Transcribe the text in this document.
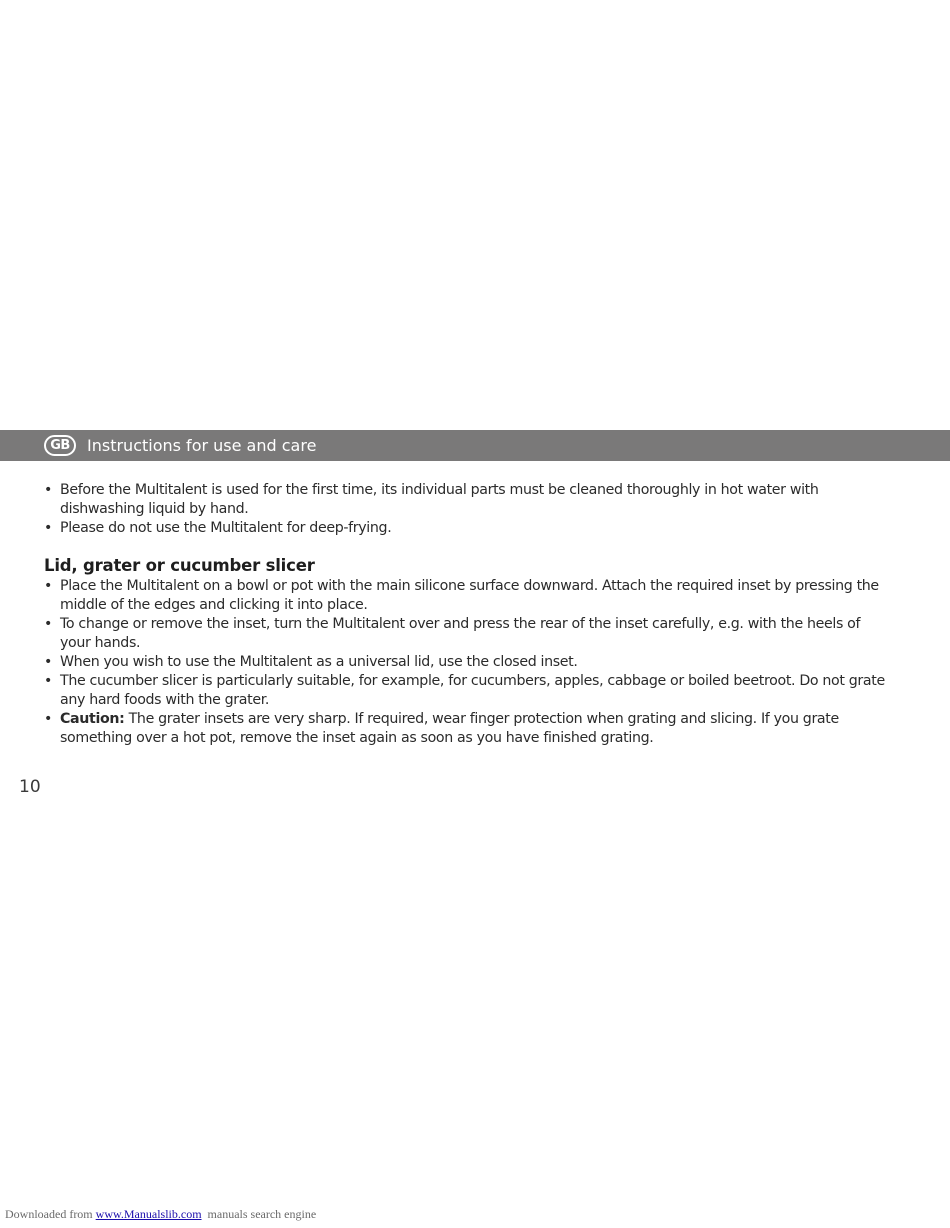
GB	Instructions for use and care
• Before the Multitalent is used for the first time, its individual parts must be cleaned thoroughly in hot water with dishwashing liquid by hand.
• Please do not use the Multitalent for deep-frying.
Lid, grater or cucumber slicer
• Place the Multitalent on a bowl or pot with the main silicone surface downward. Attach the required inset by pressing the middle of the edges and clicking it into place.
• To change or remove the inset, turn the Multitalent over and press the rear of the inset carefully, e.g. with the heels of your hands.
• When you wish to use the Multitalent as a universal lid, use the closed inset.
• The cucumber slicer is particularly suitable, for example, for cucumbers, apples, cabbage or boiled beetroot. Do not grate any hard foods with the grater.
• Caution: The grater insets are very sharp. If required, wear finger protection when grating and slicing. If you grate something over a hot pot, remove the inset again as soon as you have finished grating.
10
Downloaded from www.Manualslib.com  manuals search engine
